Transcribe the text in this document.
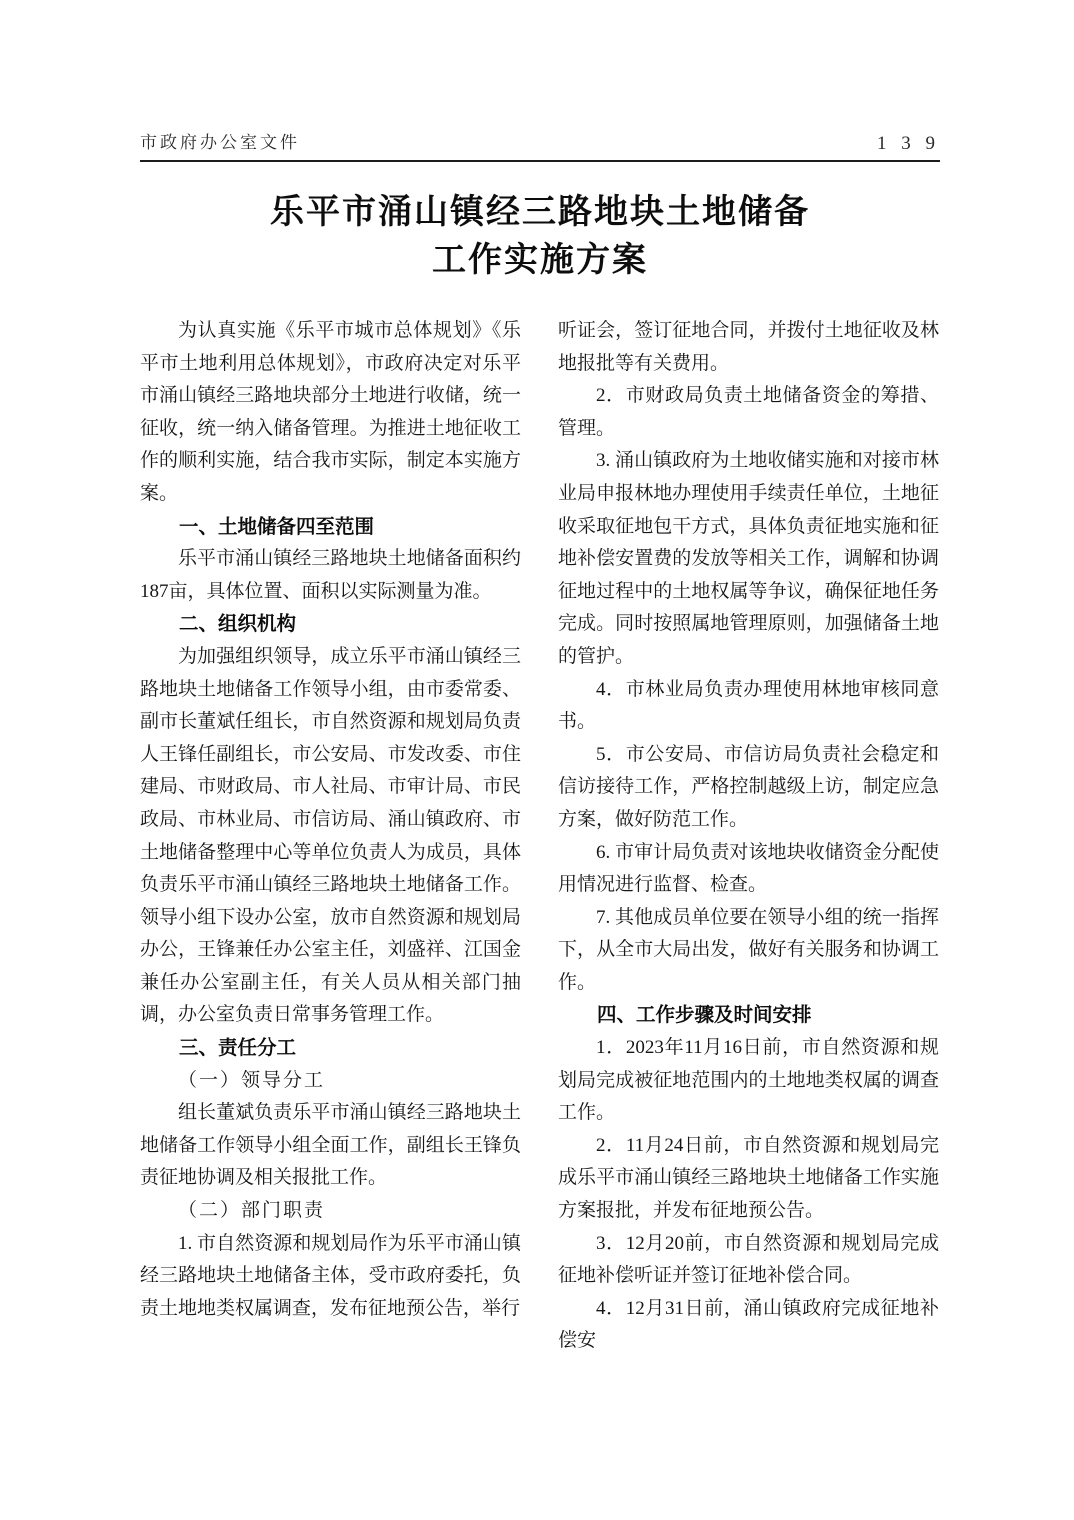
市政府办公室文件	1 3 9
乐平市涌山镇经三路地块土地储备
工作实施方案

为认真实施《乐平市城市总体规划》《乐平市土地利用总体规划》，市政府决定对乐平市涌山镇经三路地块部分土地进行收储，统一征收，统一纳入储备管理。为推进土地征收工作的顺利实施，结合我市实际，制定本实施方案。

一、土地储备四至范围

乐平市涌山镇经三路地块土地储备面积约187亩，具体位置、面积以实际测量为准。

二、组织机构

为加强组织领导，成立乐平市涌山镇经三路地块土地储备工作领导小组，由市委常委、副市长董斌任组长，市自然资源和规划局负责人王锋任副组长，市公安局、市发改委、市住建局、市财政局、市人社局、市审计局、市民政局、市林业局、市信访局、涌山镇政府、市土地储备整理中心等单位负责人为成员，具体负责乐平市涌山镇经三路地块土地储备工作。领导小组下设办公室，放市自然资源和规划局办公，王锋兼任办公室主任，刘盛祥、江国金兼任办公室副主任，有关人员从相关部门抽调，办公室负责日常事务管理工作。

三、责任分工

（一）领导分工

组长董斌负责乐平市涌山镇经三路地块土地储备工作领导小组全面工作，副组长王锋负责征地协调及相关报批工作。

（二）部门职责

1. 市自然资源和规划局作为乐平市涌山镇经三路地块土地储备主体，受市政府委托，负责土地地类权属调查，发布征地预公告，举行

听证会，签订征地合同，并拨付土地征收及林地报批等有关费用。

2．市财政局负责土地储备资金的筹措、管理。

3. 涌山镇政府为土地收储实施和对接市林业局申报林地办理使用手续责任单位，土地征收采取征地包干方式，具体负责征地实施和征地补偿安置费的发放等相关工作，调解和协调征地过程中的土地权属等争议，确保征地任务完成。同时按照属地管理原则，加强储备土地的管护。

4．市林业局负责办理使用林地审核同意书。

5．市公安局、市信访局负责社会稳定和信访接待工作，严格控制越级上访，制定应急方案，做好防范工作。

6. 市审计局负责对该地块收储资金分配使用情况进行监督、检查。

7. 其他成员单位要在领导小组的统一指挥下，从全市大局出发，做好有关服务和协调工作。

四、工作步骤及时间安排

1．2023年11月16日前，市自然资源和规划局完成被征地范围内的土地地类权属的调查工作。

2．11月24日前，市自然资源和规划局完成乐平市涌山镇经三路地块土地储备工作实施方案报批，并发布征地预公告。

3．12月20前，市自然资源和规划局完成征地补偿听证并签订征地补偿合同。

4．12月31日前，涌山镇政府完成征地补偿安
